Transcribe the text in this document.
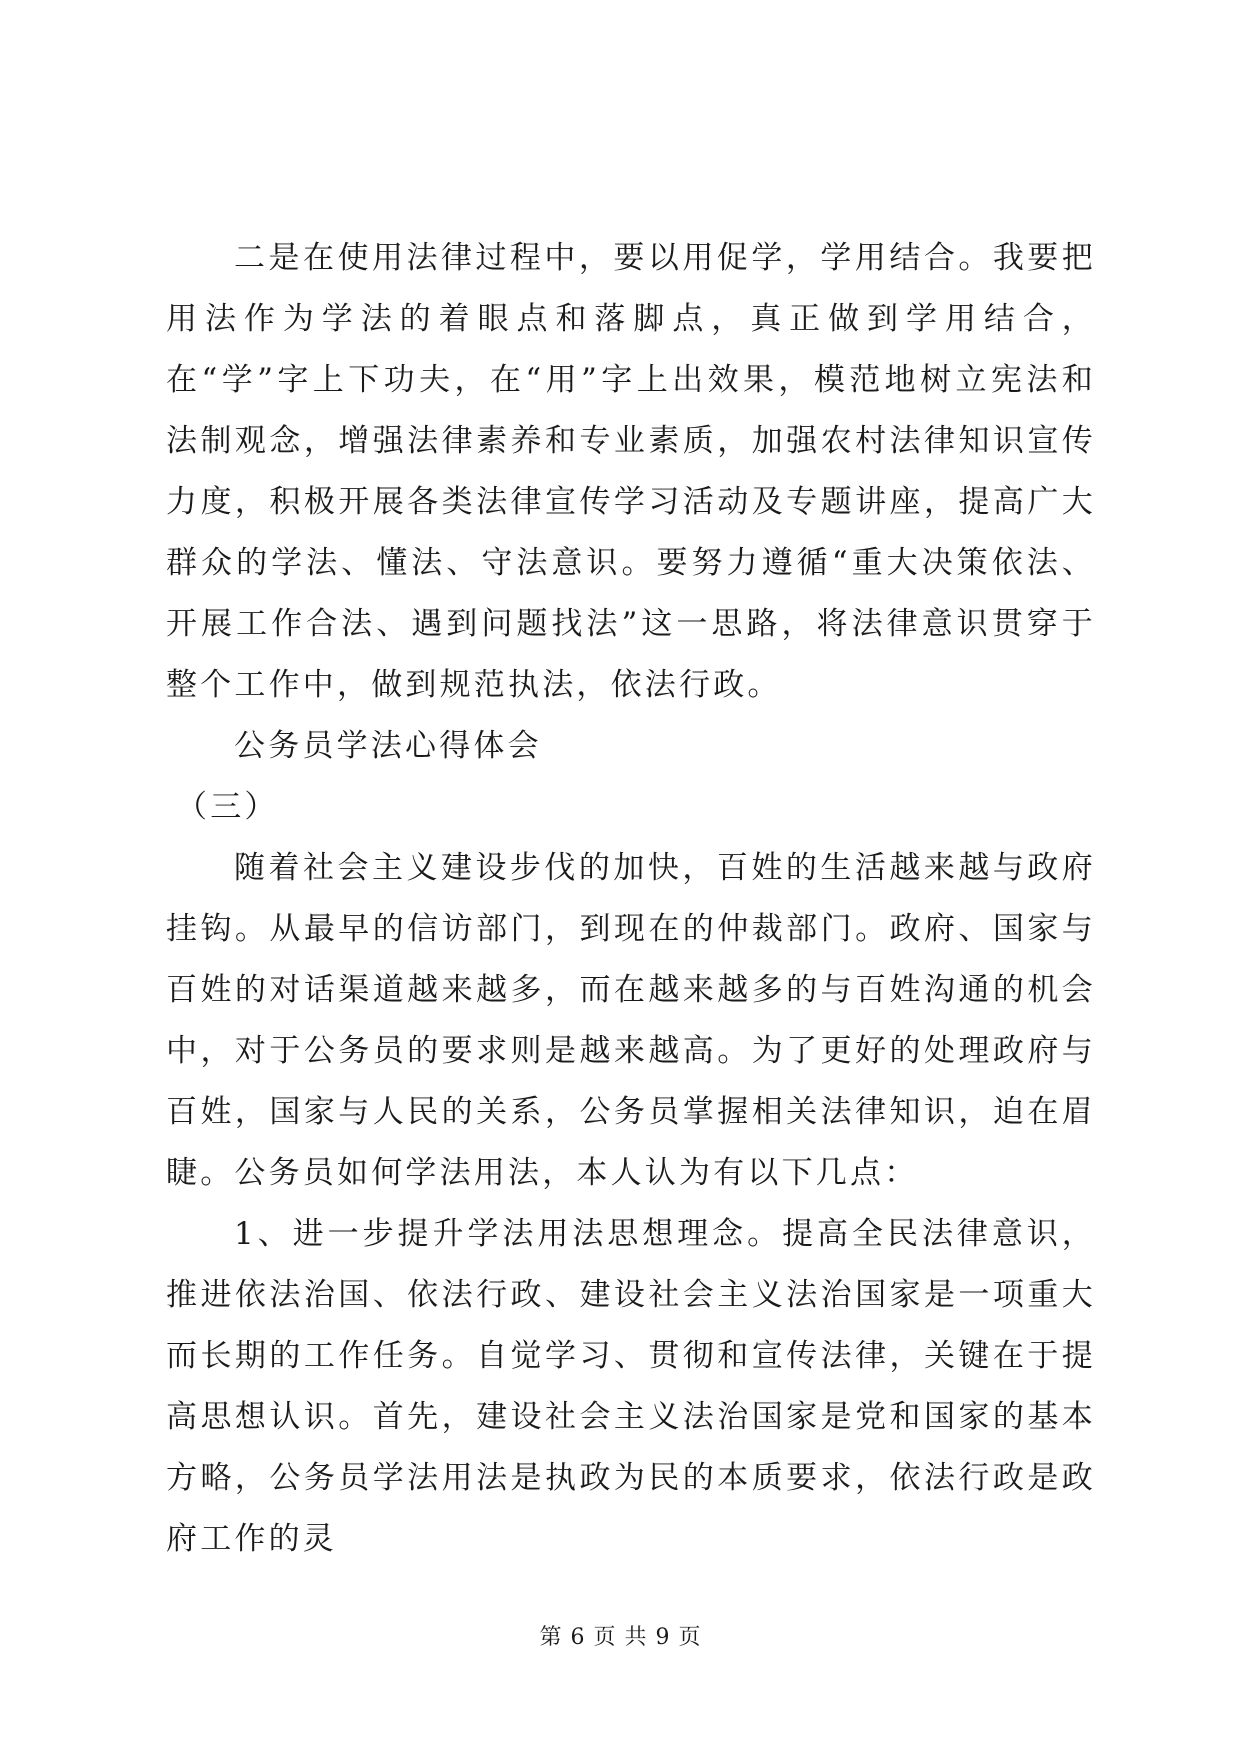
二是在使用法律过程中，要以用促学，学用结合。我要把用法作为学法的着眼点和落脚点，真正做到学用结合，在“学”字上下功夫，在“用”字上出效果，模范地树立宪法和法制观念，增强法律素养和专业素质，加强农村法律知识宣传力度，积极开展各类法律宣传学习活动及专题讲座，提高广大群众的学法、懂法、守法意识。要努力遵循“重大决策依法、开展工作合法、遇到问题找法”这一思路，将法律意识贯穿于整个工作中，做到规范执法，依法行政。

公务员学法心得体会

（三）

随着社会主义建设步伐的加快，百姓的生活越来越与政府挂钩。从最早的信访部门，到现在的仲裁部门。政府、国家与百姓的对话渠道越来越多，而在越来越多的与百姓沟通的机会中，对于公务员的要求则是越来越高。为了更好的处理政府与百姓，国家与人民的关系，公务员掌握相关法律知识，迫在眉睫。公务员如何学法用法，本人认为有以下几点：

1、进一步提升学法用法思想理念。提高全民法律意识，推进依法治国、依法行政、建设社会主义法治国家是一项重大而长期的工作任务。自觉学习、贯彻和宣传法律，关键在于提高思想认识。首先，建设社会主义法治国家是党和国家的基本方略，公务员学法用法是执政为民的本质要求，依法行政是政府工作的灵

第 6 页 共 9 页
